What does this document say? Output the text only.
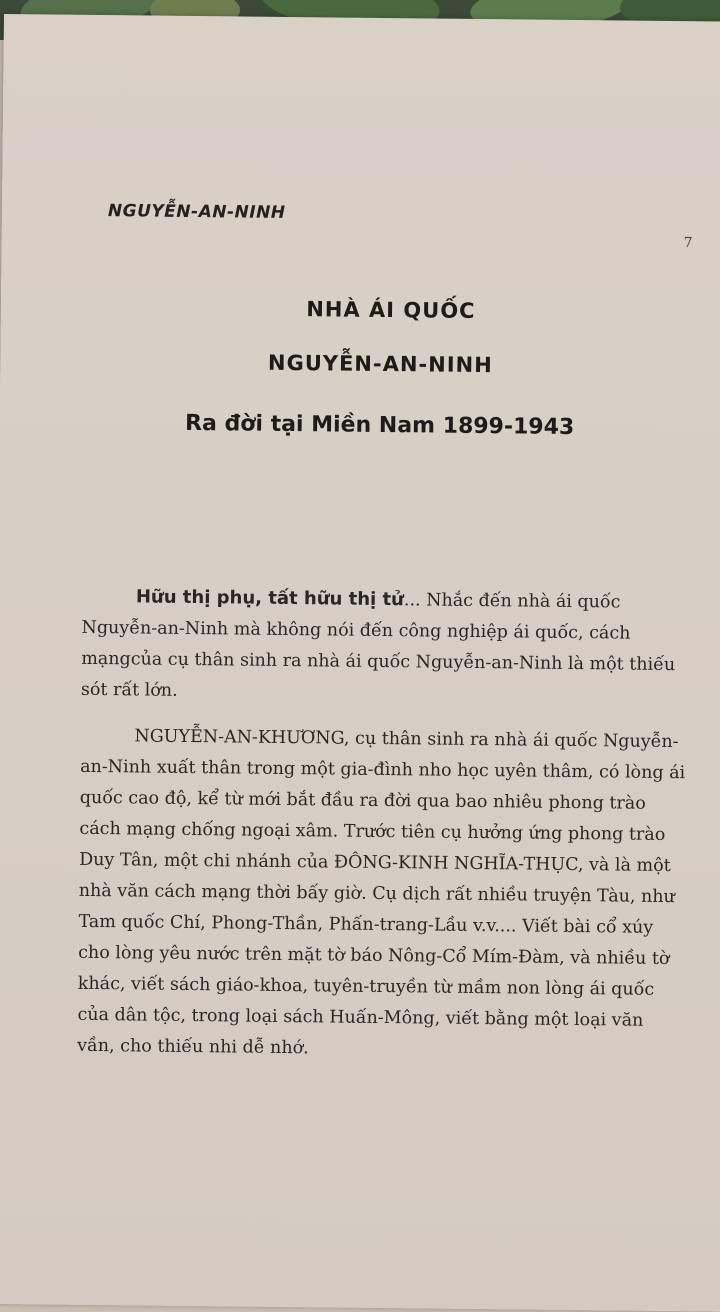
NGUYỄN-AN-NINH
7
NHÀ ÁI QUỐC
NGUYỄN-AN-NINH
Ra đời tại Miền Nam 1899-1943
Hữu thị phụ, tất hữu thị tử... Nhắc đến nhà ái quốc Nguyễn-an-Ninh mà không nói đến công nghiệp ái quốc, cách mạngcủa cụ thân sinh ra nhà ái quốc Nguyễn-an-Ninh là một thiếu sót rất lớn.
NGUYỄN-AN-KHƯƠNG, cụ thân sinh ra nhà ái quốc Nguyễn-an-Ninh xuất thân trong một gia-đình nho học uyên thâm, có lòng ái quốc cao độ, kể từ mới bắt đầu ra đời qua bao nhiêu phong trào cách mạng chống ngoại xâm. Trước tiên cụ hưởng ứng phong trào Duy Tân, một chi nhánh của ĐÔNG-KINH NGHĨA-THỤC, và là một nhà văn cách mạng thời bấy giờ. Cụ dịch rất nhiều truyện Tàu, như Tam quốc Chí, Phong-Thần, Phấn-trang-Lầu v.v.... Viết bài cổ xúy cho lòng yêu nước trên mặt tờ báo Nông-Cổ Mím-Đàm, và nhiều tờ khác, viết sách giáo-khoa, tuyên-truyền từ mầm non lòng ái quốc của dân tộc, trong loại sách Huấn-Mông, viết bằng một loại văn vần, cho thiếu nhi dễ nhớ.
